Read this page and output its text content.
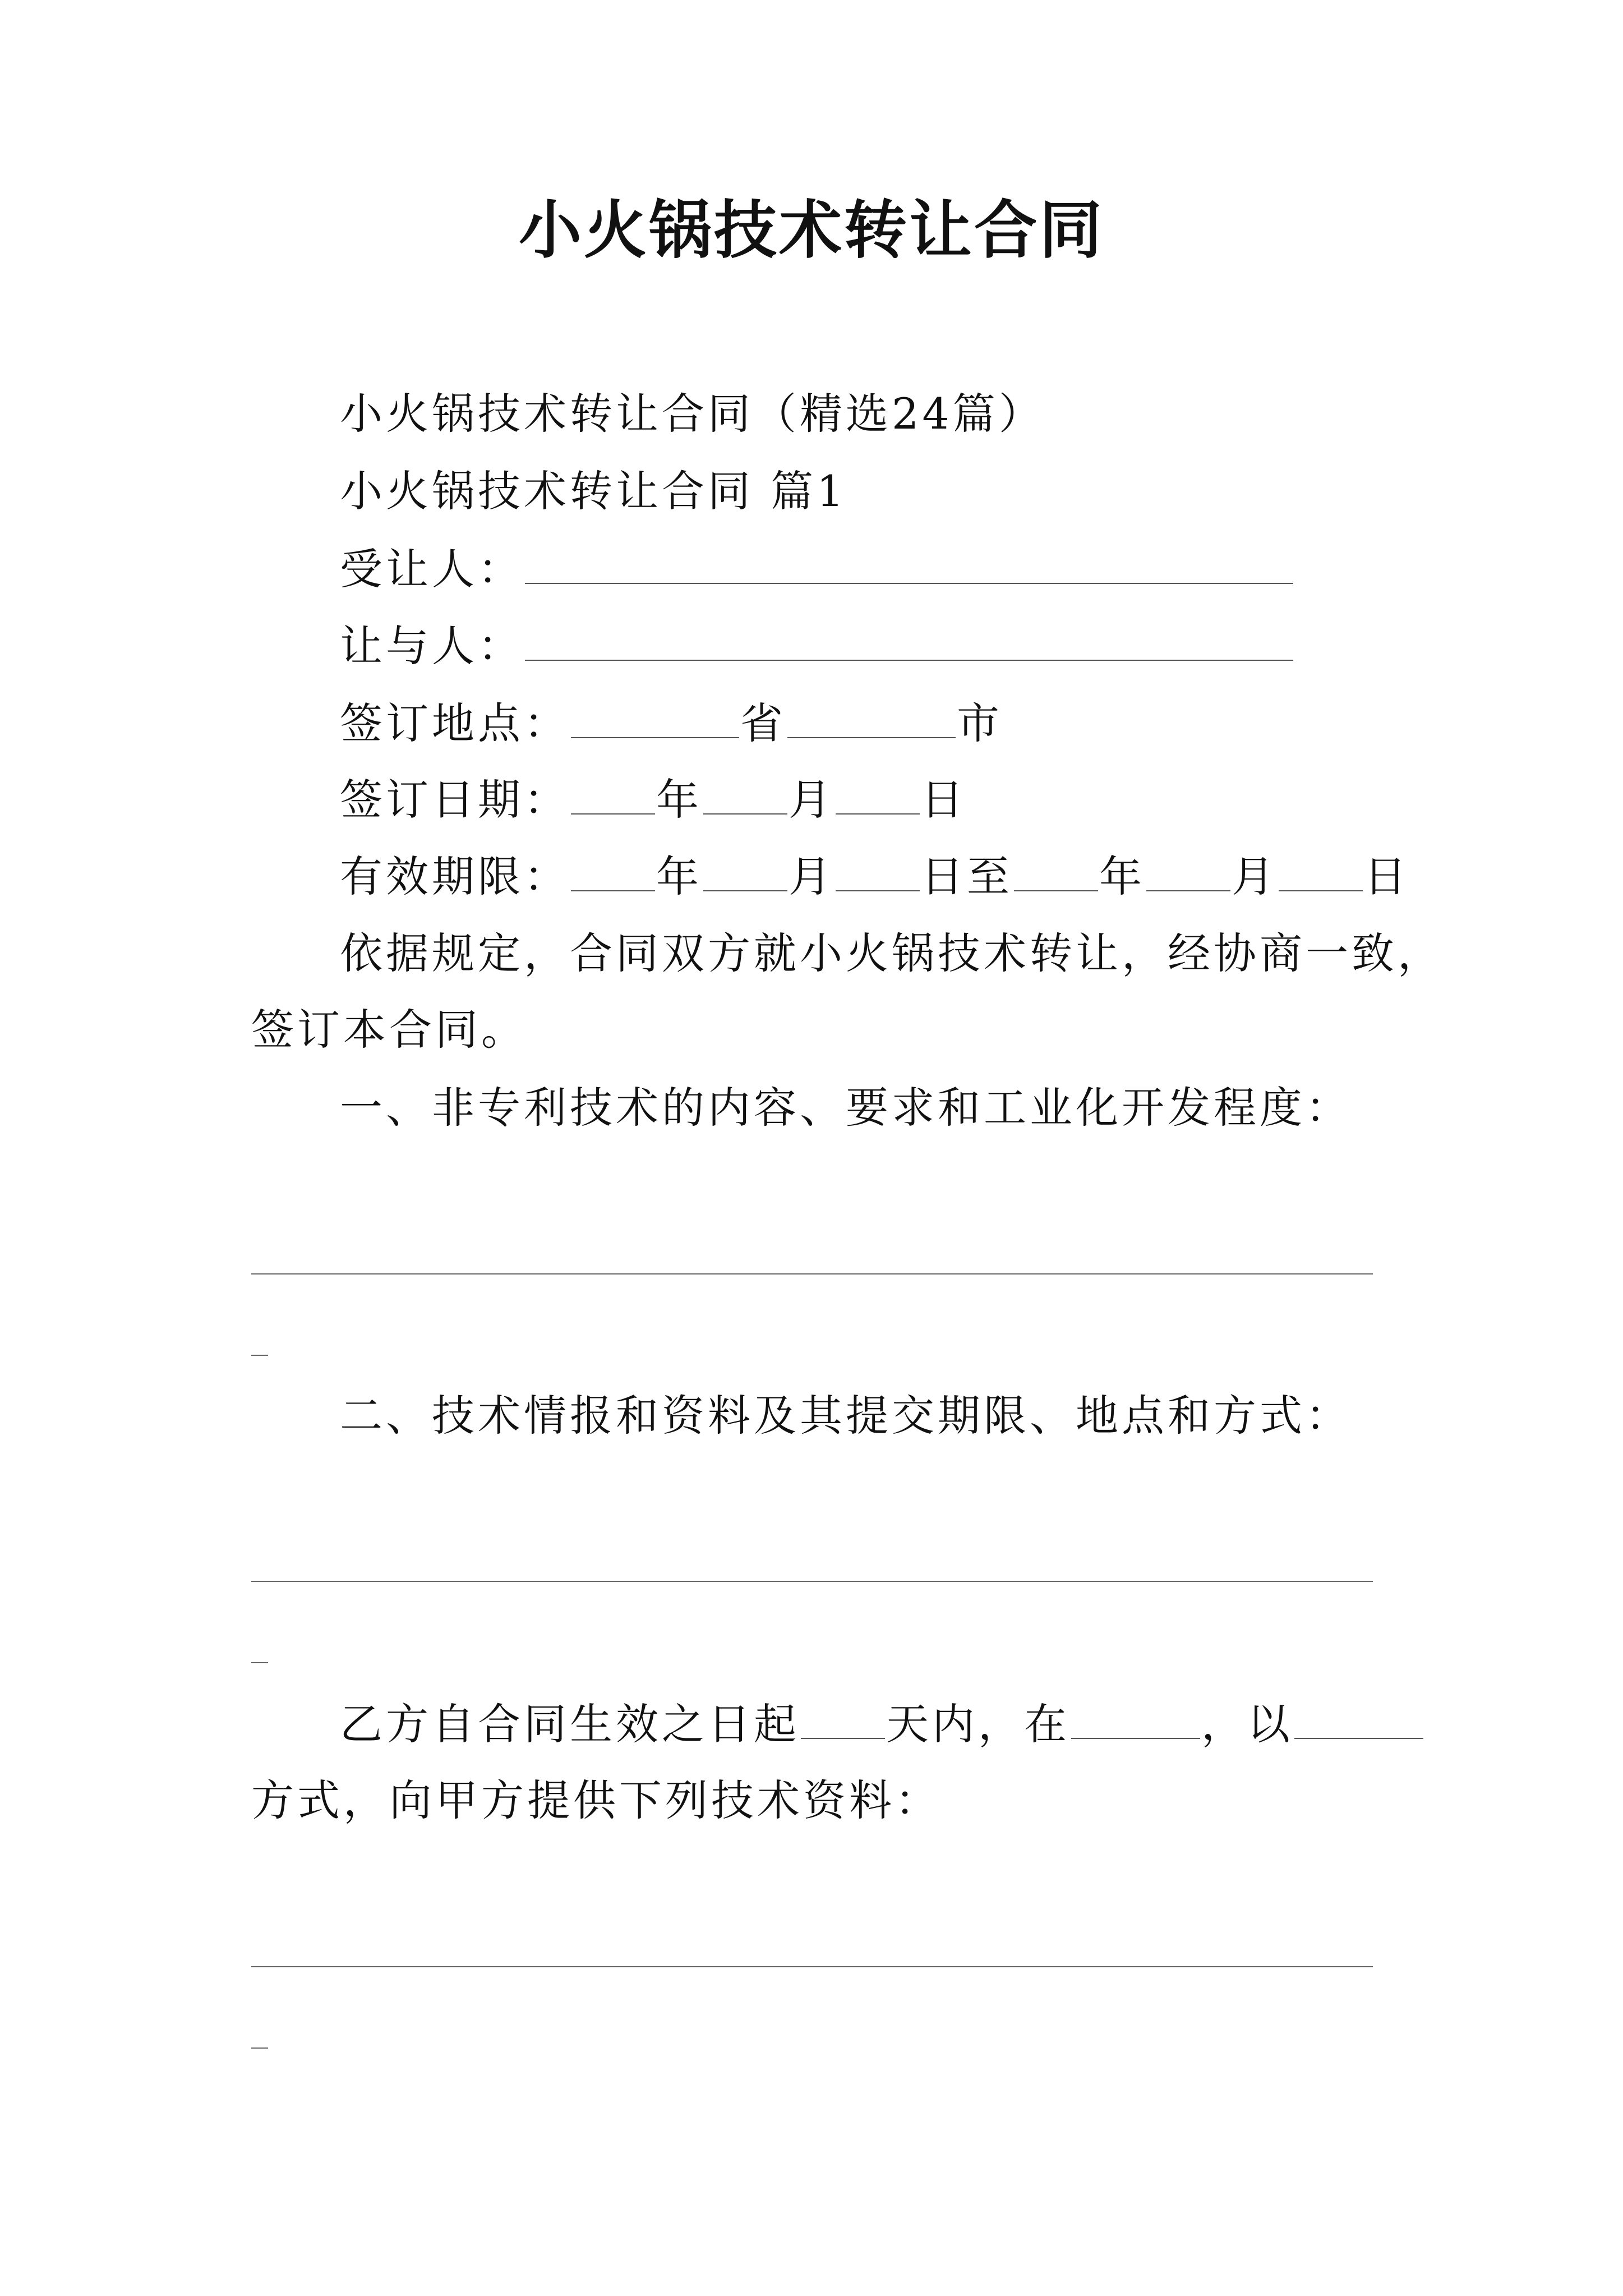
小火锅技术转让合同
小火锅技术转让合同（精选24篇）
小火锅技术转让合同 篇1
受让人：
让与人：
签订地点：	省	市
签订日期： 年 月 日
有效期限： 年 月 日至 年 月 日
依据规定，合同双方就小火锅技术转让，经协商一致，
签订本合同。
一、非专利技术的内容、要求和工业化开发程度：
二、技术情报和资料及其提交期限、地点和方式：
乙方自合同生效之日起 天内，在	，以
方式，向甲方提供下列技术资料：
